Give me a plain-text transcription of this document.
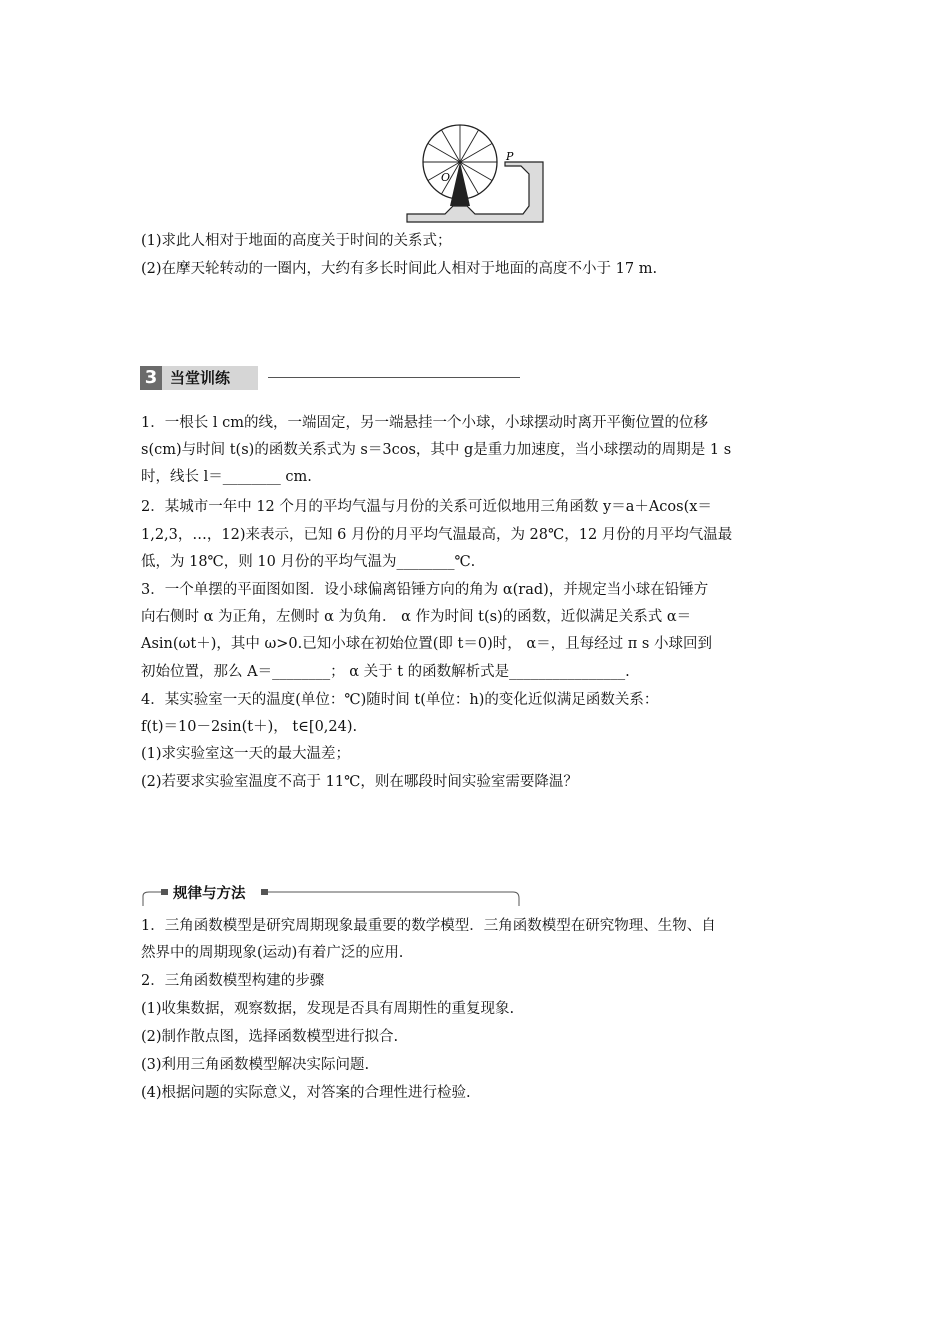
P
O
(1)求此人相对于地面的高度关于时间的关系式；
(2)在摩天轮转动的一圈内，大约有多长时间此人相对于地面的高度不小于 17 m.
3 当堂训练
1．一根长 l cm的线，一端固定，另一端悬挂一个小球，小球摆动时离开平衡位置的位移
s(cm)与时间 t(s)的函数关系式为 s＝3cos，其中 g是重力加速度，当小球摆动的周期是 1 s
时，线长 l＝________ cm.
2．某城市一年中 12 个月的平均气温与月份的关系可近似地用三角函数 y＝a＋Acos(x＝
1,2,3，…，12)来表示，已知 6 月份的月平均气温最高，为 28℃，12 月份的月平均气温最
低，为 18℃，则 10 月份的平均气温为________℃.
3．一个单摆的平面图如图．设小球偏离铅锤方向的角为 α(rad)，并规定当小球在铅锤方
向右侧时 α 为正角，左侧时 α 为负角． α 作为时间 t(s)的函数，近似满足关系式 α＝
Asin(ωt＋)，其中 ω>0.已知小球在初始位置(即 t＝0)时， α＝，且每经过 π s 小球回到
初始位置，那么 A＝________； α 关于 t 的函数解析式是________________.
4．某实验室一天的温度(单位：℃)随时间 t(单位：h)的变化近似满足函数关系：
f(t)＝10－2sin(t＋)， t∈[0,24).
(1)求实验室这一天的最大温差；
(2)若要求实验室温度不高于 11℃，则在哪段时间实验室需要降温？
规律与方法
1．三角函数模型是研究周期现象最重要的数学模型．三角函数模型在研究物理、生物、自
然界中的周期现象(运动)有着广泛的应用.
2．三角函数模型构建的步骤
(1)收集数据，观察数据，发现是否具有周期性的重复现象.
(2)制作散点图，选择函数模型进行拟合.
(3)利用三角函数模型解决实际问题.
(4)根据问题的实际意义，对答案的合理性进行检验.
